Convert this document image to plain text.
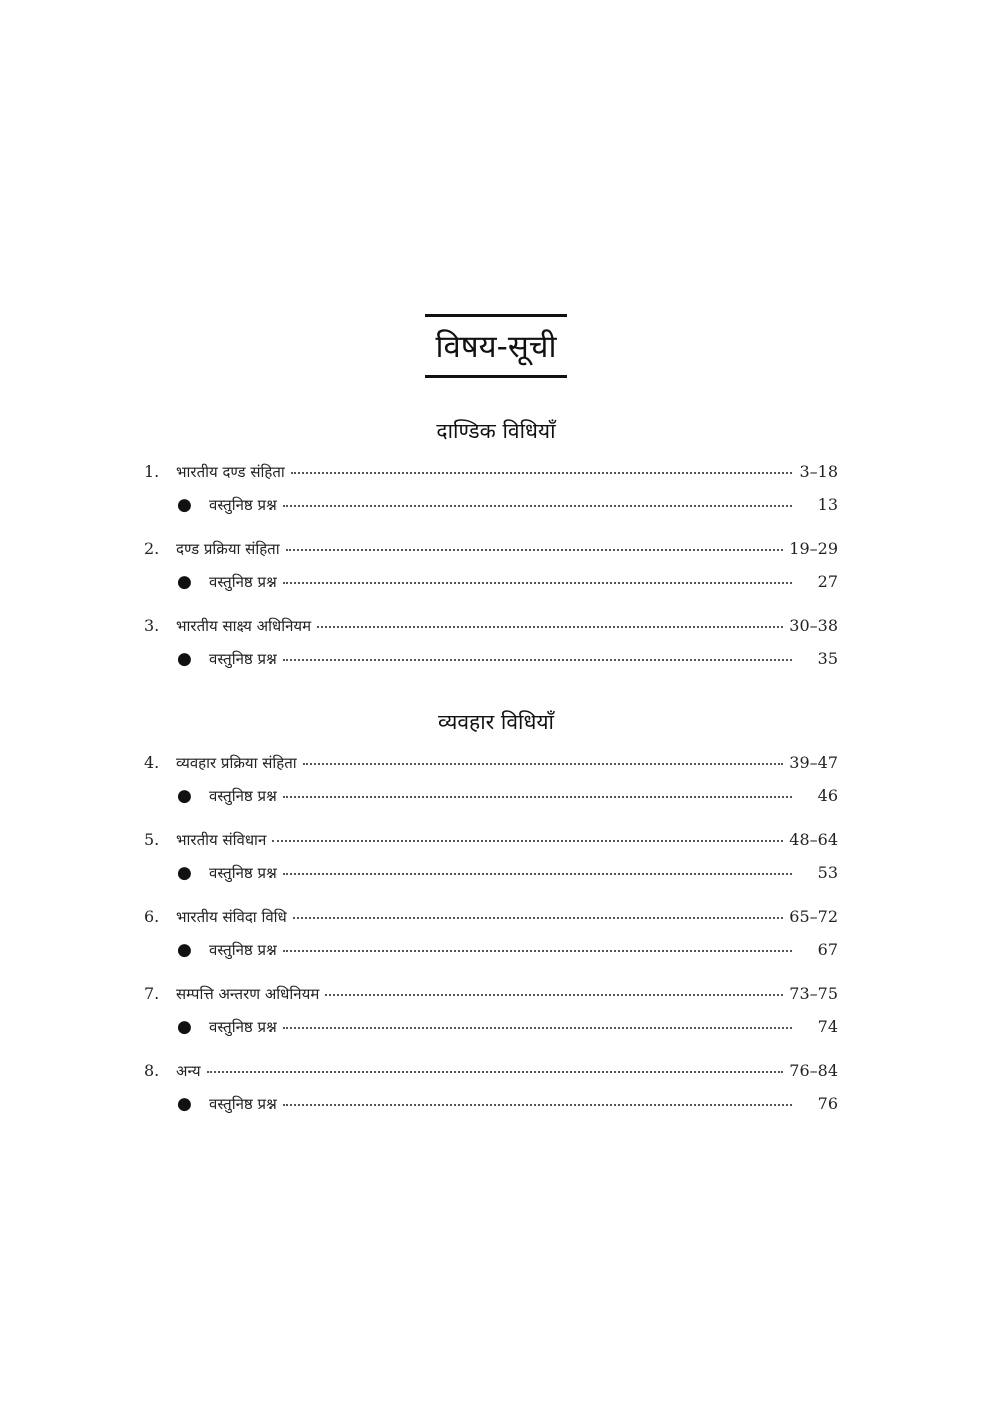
विषय-सूची
दाण्डिक विधियाँ
1.	भारतीय दण्ड संहिता	3–18
●	वस्तुनिष्ठ प्रश्न	13
2.	दण्ड प्रक्रिया संहिता	19–29
●	वस्तुनिष्ठ प्रश्न	27
3.	भारतीय साक्ष्य अधिनियम	30–38
●	वस्तुनिष्ठ प्रश्न	35
व्यवहार विधियाँ
4.	व्यवहार प्रक्रिया संहिता	39–47
●	वस्तुनिष्ठ प्रश्न	46
5.	भारतीय संविधान	48–64
●	वस्तुनिष्ठ प्रश्न	53
6.	भारतीय संविदा विधि	65–72
●	वस्तुनिष्ठ प्रश्न	67
7.	सम्पत्ति अन्तरण अधिनियम	73–75
●	वस्तुनिष्ठ प्रश्न	74
8.	अन्य	76–84
●	वस्तुनिष्ठ प्रश्न	76
